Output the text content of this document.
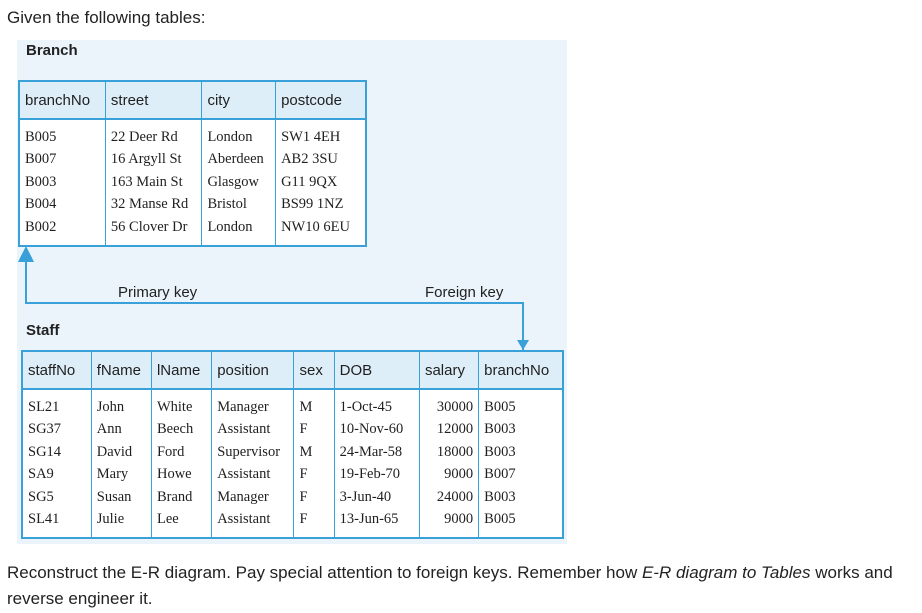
Given the following tables:
Branch
branchNo	street	city	postcode
B005	22 Deer Rd	London	SW1 4EH
B007	16 Argyll St	Aberdeen	AB2 3SU
B003	163 Main St	Glasgow	G11 9QX
B004	32 Manse Rd	Bristol	BS99 1NZ
B002	56 Clover Dr	London	NW10 6EU
Primary key	Foreign key
Staff
staffNo	fName	lName	position	sex	DOB	salary	branchNo
SL21	John	White	Manager	M	1-Oct-45	30000	B005
SG37	Ann	Beech	Assistant	F	10-Nov-60	12000	B003
SG14	David	Ford	Supervisor	M	24-Mar-58	18000	B003
SA9	Mary	Howe	Assistant	F	19-Feb-70	9000	B007
SG5	Susan	Brand	Manager	F	3-Jun-40	24000	B003
SL41	Julie	Lee	Assistant	F	13-Jun-65	9000	B005
Reconstruct the E-R diagram. Pay special attention to foreign keys. Remember how E-R diagram to Tables works and reverse engineer it.
